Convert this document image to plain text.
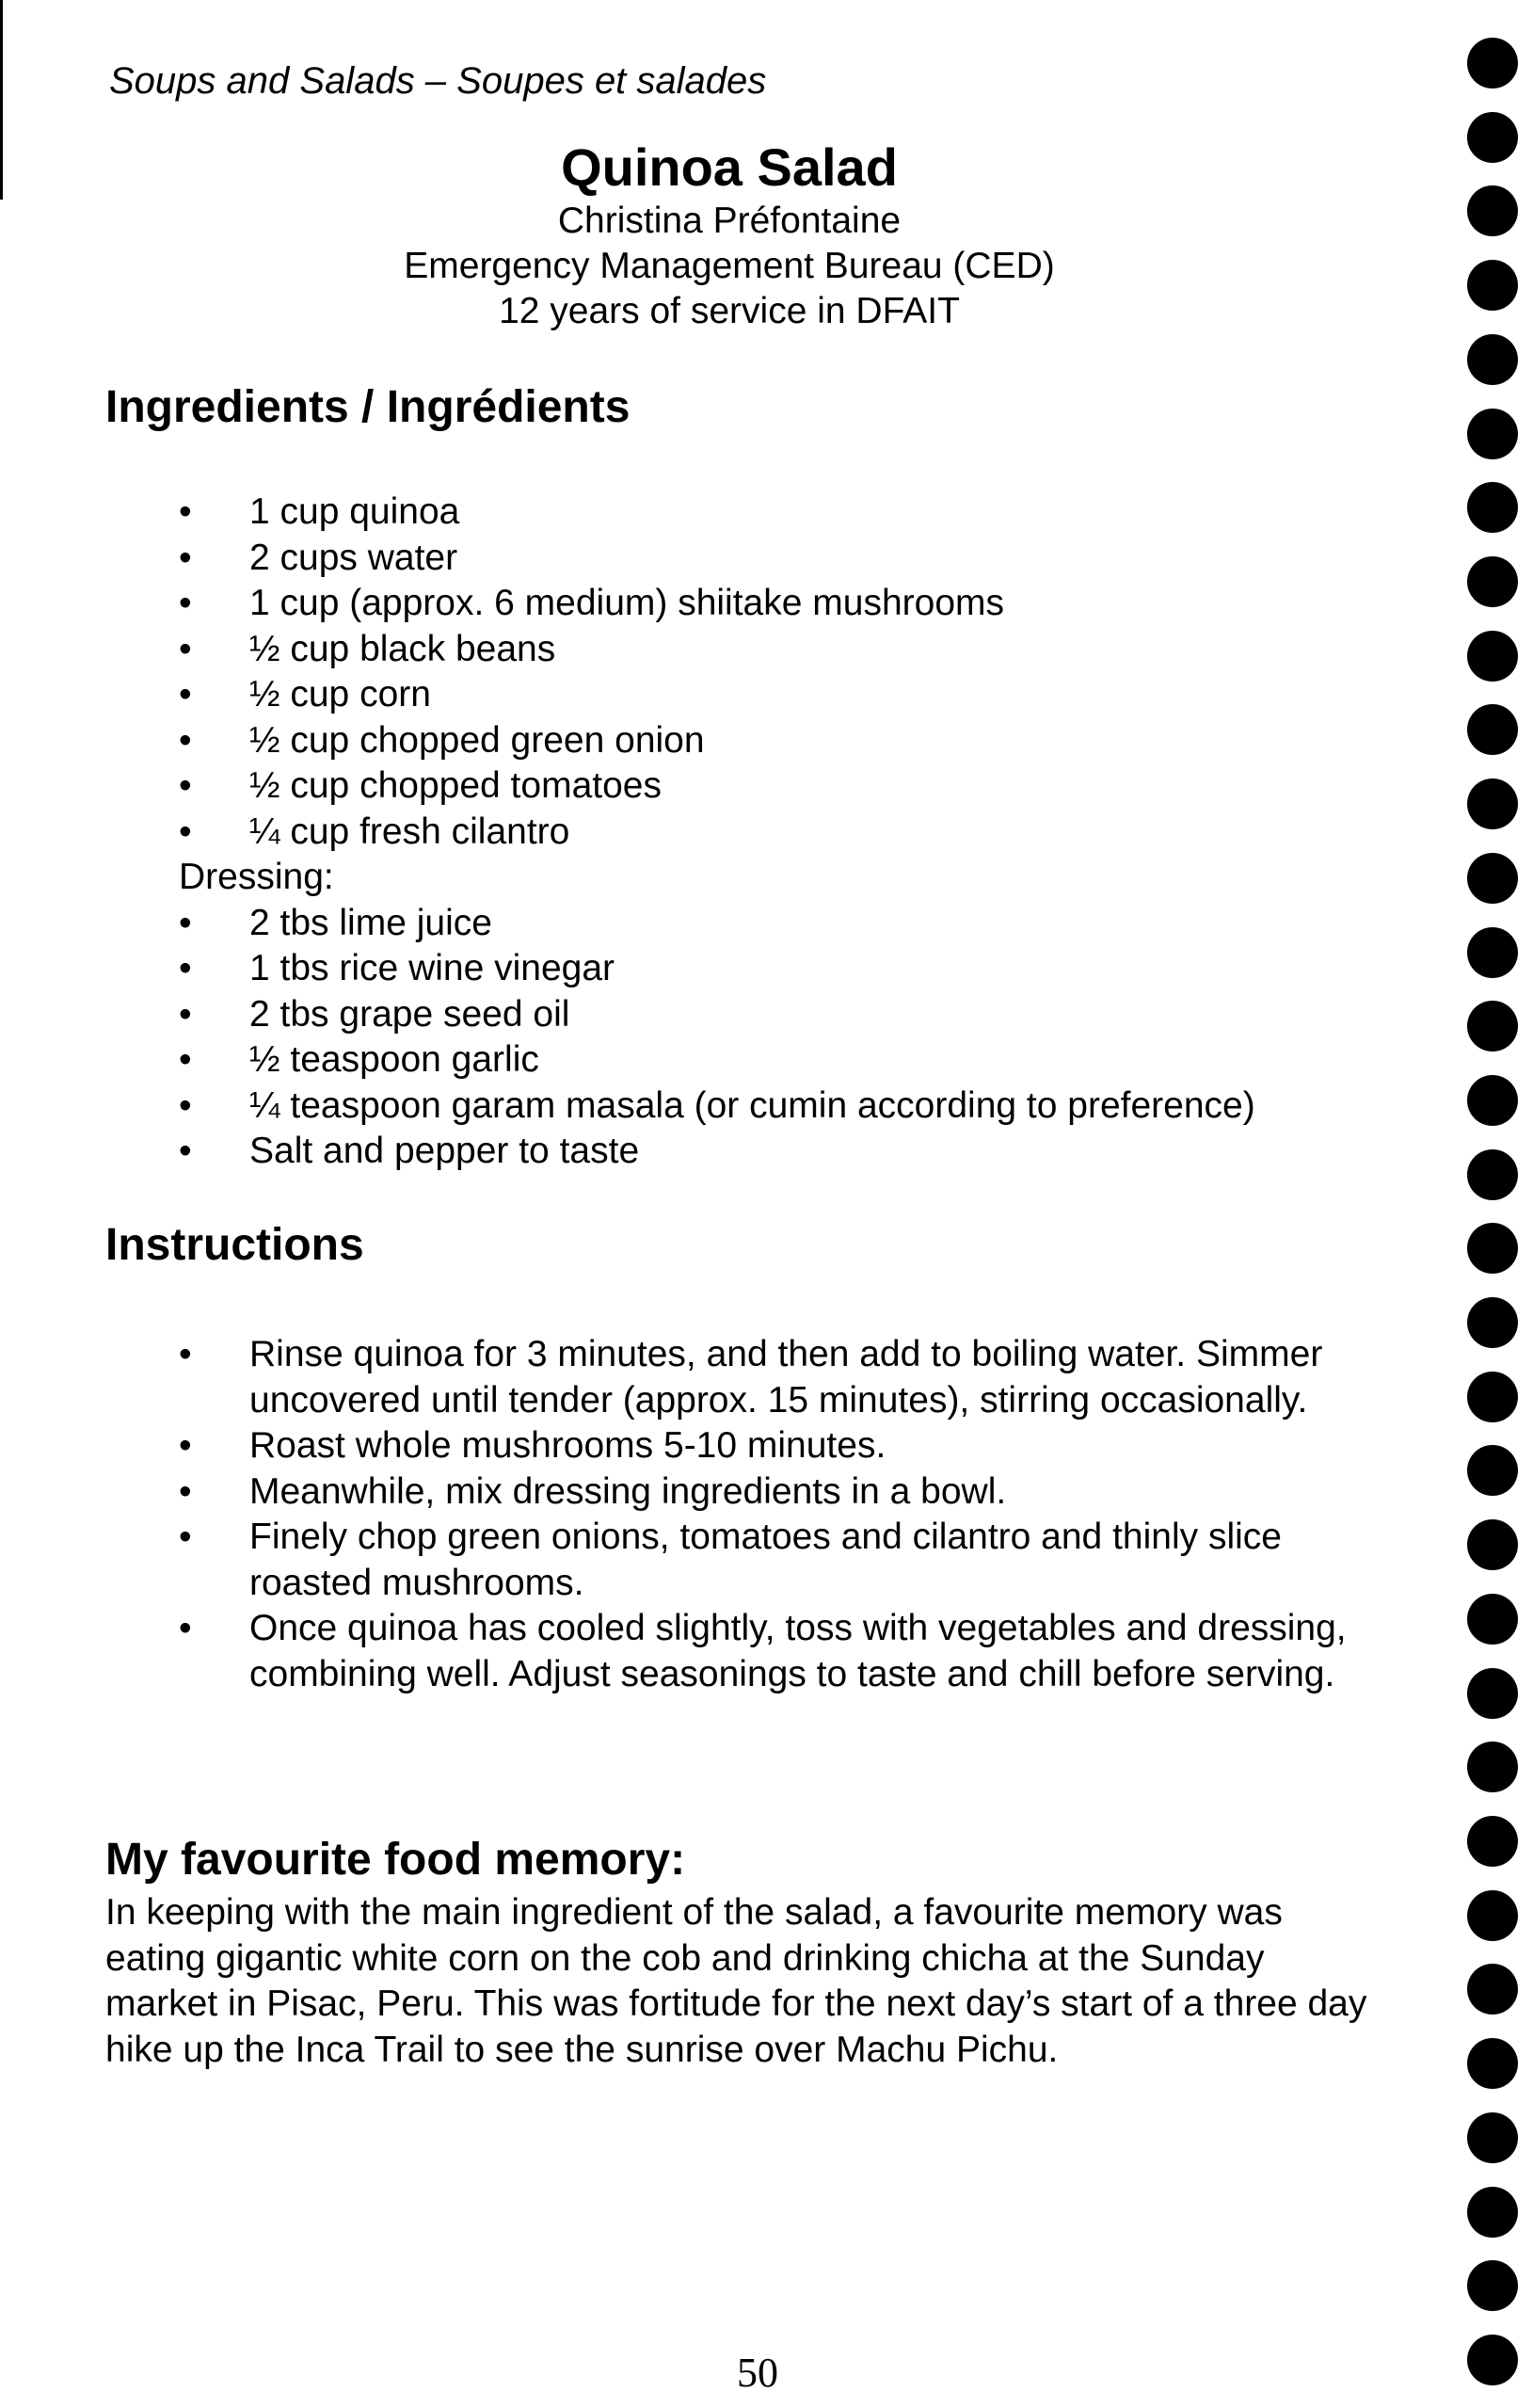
Soups and Salads – Soupes et salades
Quinoa Salad
Christina Préfontaine
Emergency Management Bureau (CED)
12 years of service in DFAIT
Ingredients / Ingrédients
• 1 cup quinoa
• 2 cups water
• 1 cup (approx. 6 medium) shiitake mushrooms
• ½ cup black beans
• ½ cup corn
• ½ cup chopped green onion
• ½ cup chopped tomatoes
• ¼ cup fresh cilantro
Dressing:
• 2 tbs lime juice
• 1 tbs rice wine vinegar
• 2 tbs grape seed oil
• ½ teaspoon garlic
• ¼ teaspoon garam masala (or cumin according to preference)
• Salt and pepper to taste
Instructions
• Rinse quinoa for 3 minutes, and then add to boiling water. Simmer uncovered until tender (approx. 15 minutes), stirring occasionally.
• Roast whole mushrooms 5-10 minutes.
• Meanwhile, mix dressing ingredients in a bowl.
• Finely chop green onions, tomatoes and cilantro and thinly slice roasted mushrooms.
• Once quinoa has cooled slightly, toss with vegetables and dressing, combining well. Adjust seasonings to taste and chill before serving.
My favourite food memory:
In keeping with the main ingredient of the salad, a favourite memory was eating gigantic white corn on the cob and drinking chicha at the Sunday market in Pisac, Peru. This was fortitude for the next day’s start of a three day hike up the Inca Trail to see the sunrise over Machu Pichu.
50
